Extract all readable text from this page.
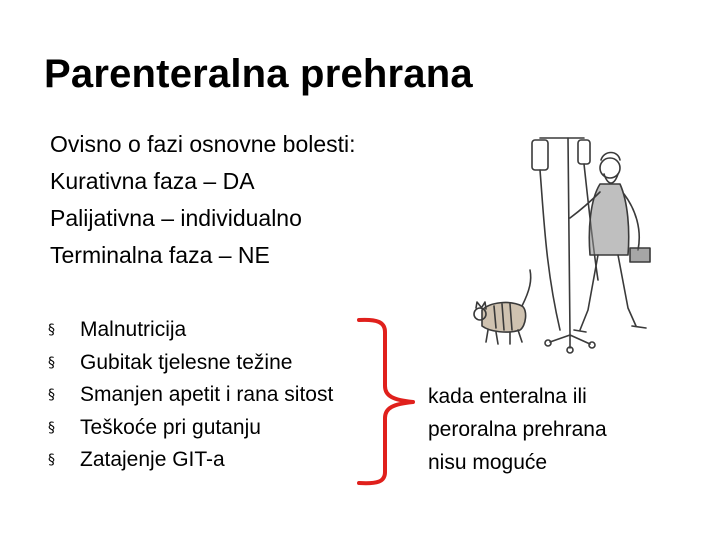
Parenteralna prehrana
Ovisno o fazi osnovne bolesti:
Kurativna faza – DA
Palijativna – individualno
Terminalna faza – NE
§	Malnutricija
§	Gubitak tjelesne težine
§	Smanjen apetit i rana sitost
§	Teškoće pri gutanju
§	Zatajenje GIT-a
kada enteralna ili
peroralna prehrana
nisu moguće
